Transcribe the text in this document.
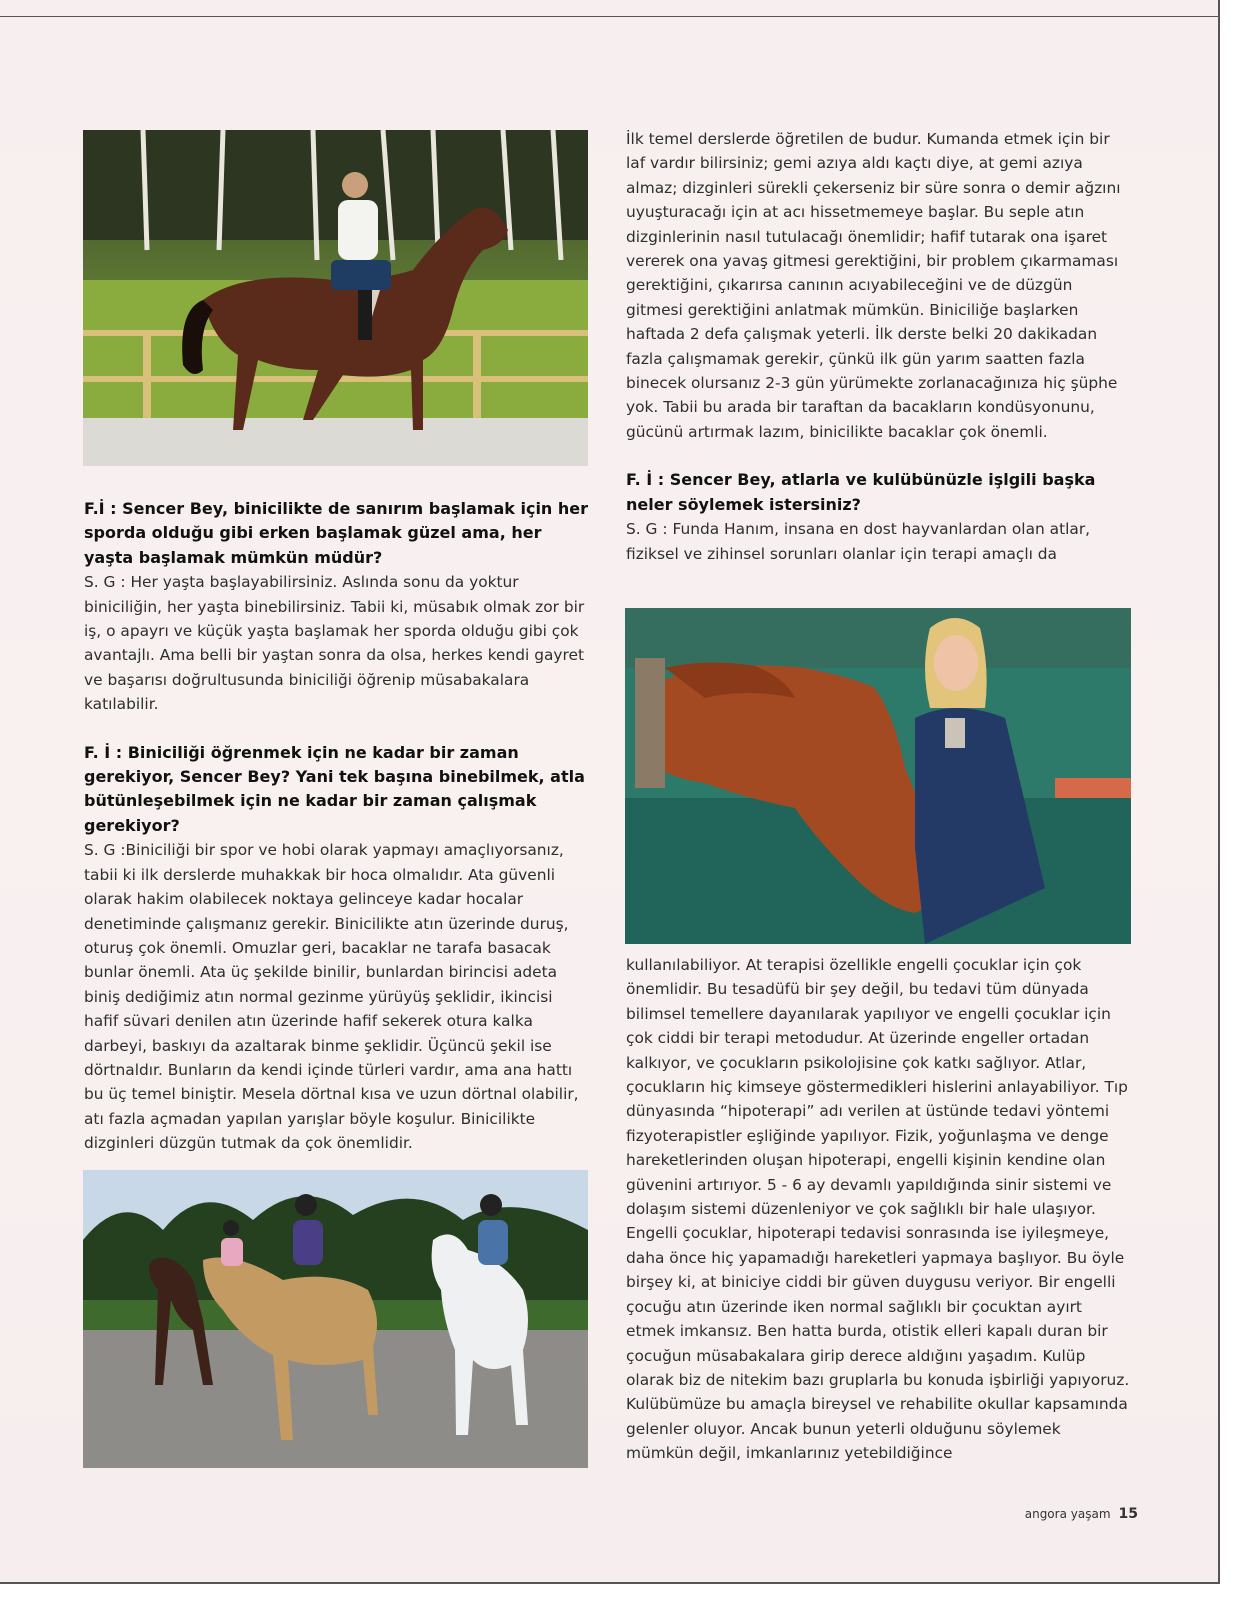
F.İ : Sencer Bey, binicilikte de sanırım başlamak için her sporda olduğu gibi erken başlamak güzel ama, her yaşta başlamak mümkün müdür?

S. G : Her yaşta başlayabilirsiniz. Aslında sonu da yoktur biniciliğin, her yaşta binebilirsiniz. Tabii ki, müsabık olmak zor bir iş, o apayrı ve küçük yaşta başlamak her sporda olduğu gibi çok avantajlı. Ama belli bir yaştan sonra da olsa, herkes kendi gayret ve başarısı doğrultusunda biniciliği öğrenip müsabakalara katılabilir.

F. İ : Biniciliği öğrenmek için ne kadar bir zaman gerekiyor, Sencer Bey? Yani tek başına binebilmek, atla bütünleşebilmek için ne kadar bir zaman çalışmak gerekiyor?

S. G :Biniciliği bir spor ve hobi olarak yapmayı amaçlıyorsanız, tabii ki ilk derslerde muhakkak bir hoca olmalıdır. Ata güvenli olarak hakim olabilecek noktaya gelinceye kadar hocalar denetiminde çalışmanız gerekir. Binicilikte atın üzerinde duruş, oturuş çok önemli. Omuzlar geri, bacaklar ne tarafa basacak bunlar önemli. Ata üç şekilde binilir, bunlardan birincisi adeta biniş dediğimiz atın normal gezinme yürüyüş şeklidir, ikincisi hafif süvari denilen atın üzerinde hafif sekerek otura kalka darbeyi, baskıyı da azaltarak binme şeklidir. Üçüncü şekil ise dörtnaldır. Bunların da kendi içinde türleri vardır, ama ana hattı bu üç temel biniştir. Mesela dörtnal kısa ve uzun dörtnal olabilir, atı fazla açmadan yapılan yarışlar böyle koşulur. Binicilikte dizginleri düzgün tutmak da çok önemlidir.

İlk temel derslerde öğretilen de budur. Kumanda etmek için bir laf vardır bilirsiniz; gemi azıya aldı kaçtı diye, at gemi azıya almaz; dizginleri sürekli çekerseniz bir süre sonra o demir ağzını uyuşturacağı için at acı hissetmemeye başlar. Bu seple atın dizginlerinin nasıl tutulacağı önemlidir; hafif tutarak ona işaret vererek ona yavaş gitmesi gerektiğini, bir problem çıkarmaması gerektiğini, çıkarırsa canının acıyabileceğini ve de düzgün gitmesi gerektiğini anlatmak mümkün. Biniciliğe başlarken haftada 2 defa çalışmak yeterli. İlk derste belki 20 dakikadan fazla çalışmamak gerekir, çünkü ilk gün yarım saatten fazla binecek olursanız 2-3 gün yürümekte zorlanacağınıza hiç şüphe yok. Tabii bu arada bir taraftan da bacakların kondüsyonunu, gücünü artırmak lazım, binicilikte bacaklar çok önemli.

F. İ : Sencer Bey, atlarla ve kulübünüzle işlgili başka neler söylemek istersiniz?

S. G : Funda Hanım, insana en dost hayvanlardan olan atlar, fiziksel ve zihinsel sorunları olanlar için terapi amaçlı da

kullanılabiliyor. At terapisi özellikle engelli çocuklar için çok önemlidir. Bu tesadüfü bir şey değil, bu tedavi tüm dünyada bilimsel temellere dayanılarak yapılıyor ve engelli çocuklar için çok ciddi bir terapi metodudur. At üzerinde engeller ortadan kalkıyor, ve çocukların psikolojisine çok katkı sağlıyor. Atlar, çocukların hiç kimseye göstermedikleri hislerini anlayabiliyor. Tıp dünyasında “hipoterapi” adı verilen at üstünde tedavi yöntemi fizyoterapistler eşliğinde yapılıyor. Fizik, yoğunlaşma ve denge hareketlerinden oluşan hipoterapi, engelli kişinin kendine olan güvenini artırıyor. 5 - 6 ay devamlı yapıldığında sinir sistemi ve dolaşım sistemi düzenleniyor ve çok sağlıklı bir hale ulaşıyor. Engelli çocuklar, hipoterapi tedavisi sonrasında ise iyileşmeye, daha önce hiç yapamadığı hareketleri yapmaya başlıyor. Bu öyle birşey ki, at biniciye ciddi bir güven duygusu veriyor. Bir engelli çocuğu atın üzerinde iken normal sağlıklı bir çocuktan ayırt etmek imkansız. Ben hatta burda, otistik elleri kapalı duran bir çocuğun müsabakalara girip derece aldığını yaşadım. Kulüp olarak biz de nitekim bazı gruplarla bu konuda işbirliği yapıyoruz. Kulübümüze bu amaçla bireysel ve rehabilite okullar kapsamında gelenler oluyor. Ancak bunun yeterli olduğunu söylemek mümkün değil, imkanlarınız yetebildiğince

angora yaşam 15
